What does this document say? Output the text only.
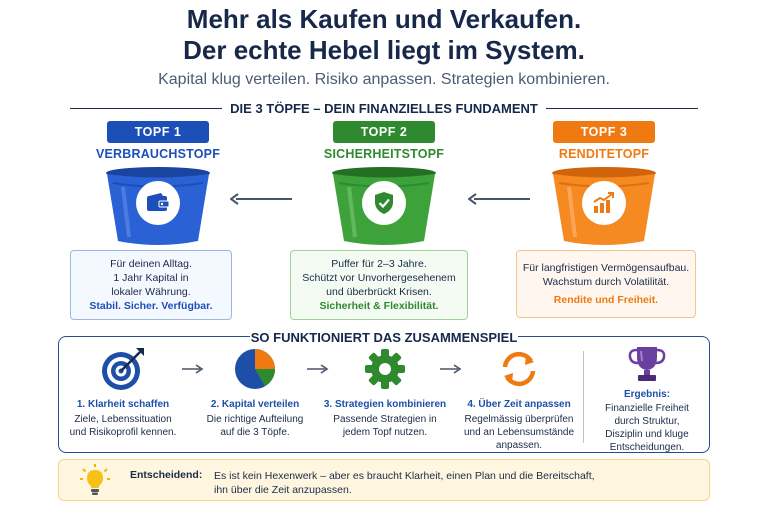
Mehr als Kaufen und Verkaufen.
Der echte Hebel liegt im System.
Kapital klug verteilen. Risiko anpassen. Strategien kombinieren.
DIE 3 TÖPFE – DEIN FINANZIELLES FUNDAMENT
TOPF 1
VERBRAUCHSTOPF
Für deinen Alltag.
1 Jahr Kapital in
lokaler Währung.
Stabil. Sicher. Verfügbar.
TOPF 2
SICHERHEITSTOPF
Puffer für 2–3 Jahre.
Schützt vor Unvorhergesehenem
und überbrückt Krisen.
Sicherheit & Flexibilität.
TOPF 3
RENDITETOPF
Für langfristigen Vermögensaufbau.
Wachstum durch Volatilität.
Rendite und Freiheit.
SO FUNKTIONIERT DAS ZUSAMMENSPIEL
1. Klarheit schaffen
Ziele, Lebenssituation
und Risikoprofil kennen.
2. Kapital verteilen
Die richtige Aufteilung
auf die 3 Töpfe.
3. Strategien kombinieren
Passende Strategien in
jedem Topf nutzen.
4. Über Zeit anpassen
Regelmässig überprüfen
und an Lebensumstände
anpassen.
Ergebnis:
Finanzielle Freiheit
durch Struktur,
Disziplin und kluge
Entscheidungen.
Entscheidend: Es ist kein Hexenwerk – aber es braucht Klarheit, einen Plan und die Bereitschaft,
ihn über die Zeit anzupassen.
